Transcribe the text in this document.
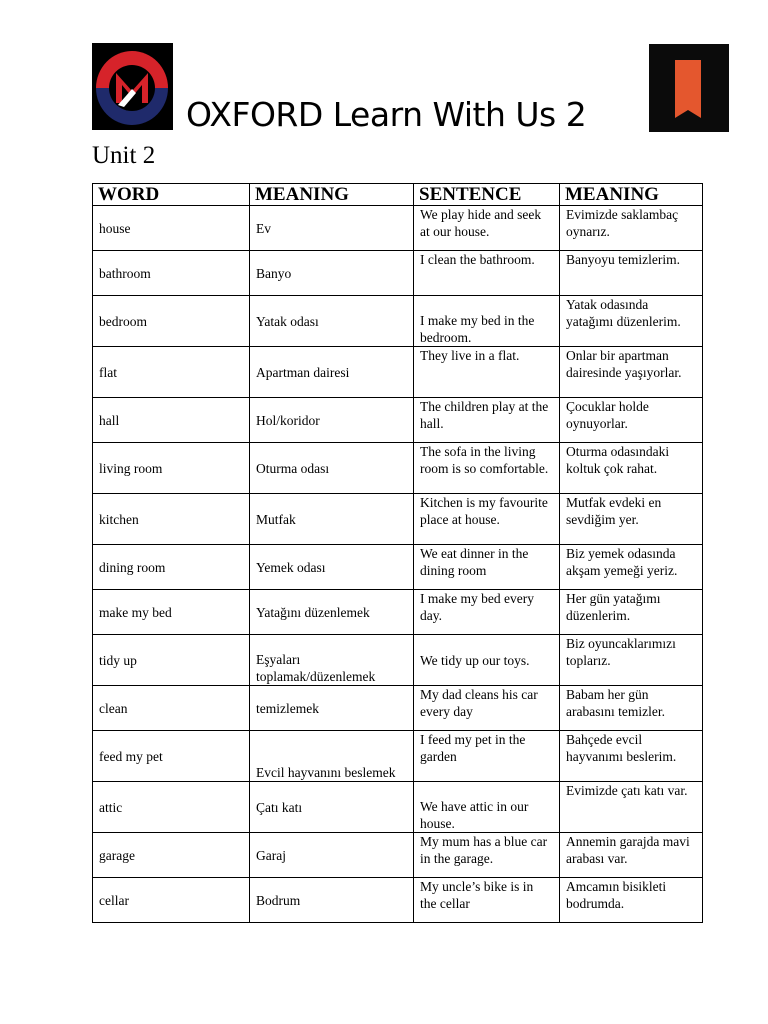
OXFORD Learn With Us 2
Unit 2
WORD	MEANING	SENTENCE	MEANING
house	Ev	We play hide and seek at our house.	Evimizde saklambaç oynarız.
bathroom	Banyo	I clean the bathroom.	Banyoyu temizlerim.
bedroom	Yatak odası	I make my bed in the bedroom.	Yatak odasında yatağımı düzenlerim.
flat	Apartman dairesi	They live in a flat.	Onlar bir apartman dairesinde yaşıyorlar.
hall	Hol/koridor	The children play at the hall.	Çocuklar holde oynuyorlar.
living room	Oturma odası	The sofa in the living room is so comfortable.	Oturma odasındaki koltuk çok rahat.
kitchen	Mutfak	Kitchen is my favourite place at house.	Mutfak evdeki en sevdiğim yer.
dining room	Yemek odası	We eat dinner in the dining room	Biz yemek odasında akşam yemeği yeriz.
make my bed	Yatağını düzenlemek	I make my bed every day.	Her gün yatağımı düzenlerim.
tidy up	Eşyaları toplamak/düzenlemek	We tidy up our toys.	Biz oyuncaklarımızı toplarız.
clean	temizlemek	My dad cleans his car every day	Babam her gün arabasını temizler.
feed my pet	Evcil hayvanını beslemek	I feed my pet in the garden	Bahçede evcil hayvanımı beslerim.
attic	Çatı katı	We have attic in our house.	Evimizde çatı katı var.
garage	Garaj	My mum has a blue car in the garage.	Annemin garajda mavi arabası var.
cellar	Bodrum	My uncle’s bike is in the cellar	Amcamın bisikleti bodrumda.
